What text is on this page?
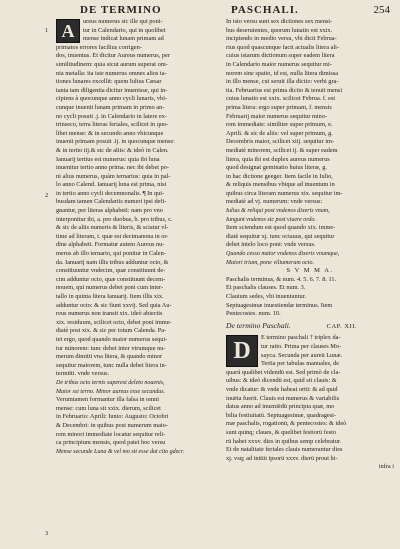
DE TERMINO	PASCHALI.	254
1
2
3
A	ureus numerus sic ille qui poni-
tur in Calendario, qui in quolibet
mense indicat lunam primam ad
primatos errores facilius corrigen-
dos, inuentus. Et dicitur Aureus numerus, per
similitudinem: quia sicut aurum superat om-
nia metalla: ita iste numerus omnes alios ta-
tiones lunares excellit: quem Iulius Cæsar
tanta tam diligentia dicitur inuenisse, qui in-
cipiens à quocunque anno cycli lunaris, vbi-
cunque inuenit lunam primam in primo an-
no cycli posuit .j. in Calendario in latere ex-
trinseco, terra literas feriales, scilicet in quo-
libet mense: & in secundo anno vbicunque
inuenit primam posuit .ij. in quocunque mense:
& in tertio iij.& sic de aliis: & ideò in Calen.
Ianuarij tertius est numerus: quia ibi luna
inuenitur tertio anno prima. nec ibi debet po-
ni alius numerus, quàm ternarius: quia in pal-
lo anno Calend. Ianuarij luna est prima, nisi
in tertio anno cycli decemnonalis. ¶ In qui-
busdam tamen Calendariis numeri ipsi defi-
gnantur, per literas alphabeti: nam pro vno
interponitur ibi, a. pro duobus, b. pro tribus, c.
& sic de aliis numeris & literis, & sciatur vl-
time ad literam, t. quæ est decimanona in or-
dine alphabeti. Formatur autem Aureus nu-
merus ab illo ternario, qui ponitur in Calen-
da. Ianuarij nam illis tribus adduntur octo, &
constituuntur vndecim, quæ constituunt de-
cim adduntur octo, quæ constituunt decem-
nouem, qui numerus debet poni cum inter-
tallo in quinta litera Ianuarij. Item illis xix.
adduntur octo: & sic fiunt xxvij. Sed quia Au-
reus numerus non transit xix. ideò abiectis
xix. residuum, scilicet octo, debet poni imme-
diatè post xix. & sic per totum Calenda. Pa-
tet ergo, quod quando maior numerus sequi-
tur minorem: tunc debet inter vtrumque nu-
merum dimitti vna litera, & quando minor
sequitur maiorem, tunc nulla debet litera in-
termitti. vnde versus.
De tribus octo ternis superest deleto nouenis,
Maior ssi terno. Minor aureus esse secundus.
Verumtamen formantur illa falsa in omni
mense: cum luna sit xxix. dierum, scilicet
in Februario: Aprili: Iunio: Augusto: Octobri
& Decembri: in quibus post numerum maio-
rem minori immediate locatur sequitur reli-
ca principium mensis, quod patet hoc versu
Mense secunde Luna & vel mo sit esse dat cito gdecr.
In isto versu sunt sex dictiones sex mensi-
bus deseruientes, quorum lunatio est xxix.
incipiendo in medio versu, vbi dicit Februa-
rius quod quascunque facit actualis litera ali-
cuius istarum dictionum super eadem litera
in Calendario maior numerus sequitur mi-
norem sine spatio, id est, nulla litera dimissa
in illo mense, cui seruit illa dictio: verbi gra-
tia. Februarius est prima dictio & tenuit mensi
cuius lunatio est xxix. scilicet Februa. f. est
prima litera: ergo super primam, f. mensis
Februarij maior numerus sequitur mino-
rem immediate: similiter super primum, e.
Aprili. & sic de aliis: vel super primum, g.
Decembris maior, scilicet xiij. sequitur im-
mediatè minorem, scilicet ij. & super eadem
litera, quia ibi est duplex aureus numerus
quod designat geminatio huius literæ, g.
in hac dictione geeger. Item facile in Iulio,
& reliquis mensibus vbique ad inuentum in
quibus circa literam numerus xix. sequitur im-
mediatè ad vj. numerum: vnde versus:
Iulius & reliqui post vndenos dixeris vnum,
Iungunt vndenos sic post viuere ordo.
Item sciendum est quod quando xix. imme-
diatè sequitur xj. tunc octauus, qui sequitur
debet intelo loco poni: vnde versus.
Quando cesso maior vndenos dixeris vnumque,
Maiori trium, pone viliumerum octo.
S V M M A.
Paschalis terminus, & num. 4. 5. 6. 7. 8. 11.
Et paschalis clauses. Et num. 3.
Clauium sedes, vbi inueniuntur.
Septuagesimæ inuestiendæ terminus. Item
Pentecostes. num. 10.
De termino Paschali.	CAP. XII.
D
E termino paschali † triplex da-
tur ratio. Prima per clauses Mo-
sayca. Secunda per aureū Lunæ.
Tertia per tabulas manuales, de
quarú qualibet videndū est. Sed primò de cla-
uibus: & ideò dicendū est, quid sit clauis: &
vnde dicatur: & vnde habeat ortū: & ad quid
inuēta fuerit. Clauis est numerus & variabilis
datus anno ad inueniēdū principia quæ, mo
bilia festiuitatū. Septuagesimæ, quadragesi-
mæ paschalis, rogationū, & pentecostes: & ideò
sunt quinq; claues, & quelibet festiorū festo
rū habet xxxv. dies in quibus semp celebratur.
Et de natalitate feriales clauis numerantur dies
xj. vsq; ad initiū ipsorū xxxv. dierū prout hi-
infra i
